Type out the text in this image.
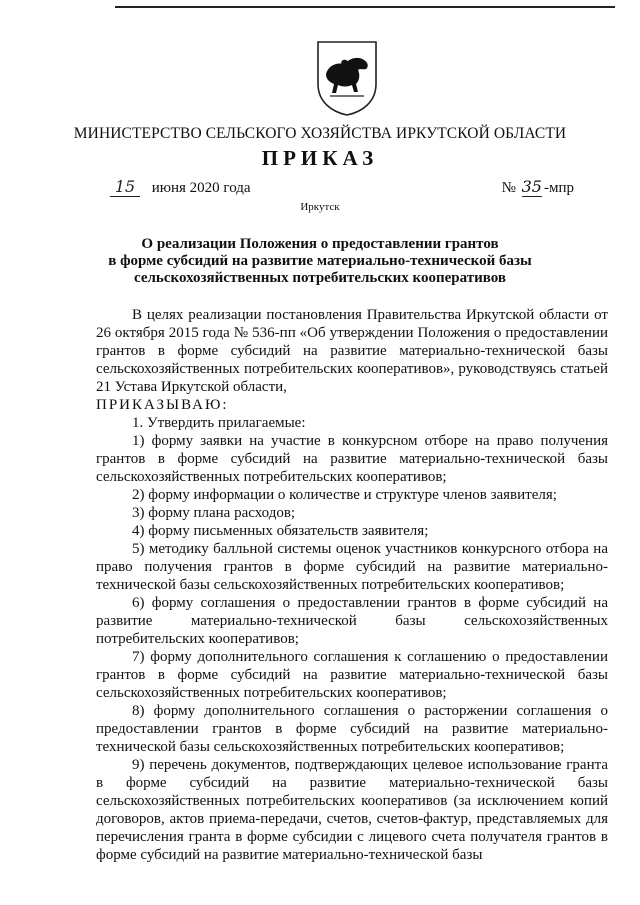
МИНИСТЕРСТВО СЕЛЬСКОГО ХОЗЯЙСТВА ИРКУТСКОЙ ОБЛАСТИ
ПРИКАЗ
15 июня 2020 года	№ 35 -мпр
Иркутск
О реализации Положения о предоставлении грантов
в форме субсидий на развитие материально-технической базы
сельскохозяйственных потребительских кооперативов

В целях реализации постановления Правительства Иркутской области от 26 октября 2015 года № 536-пп «Об утверждении Положения о предоставлении грантов в форме субсидий на развитие материально-технической базы сельскохозяйственных потребительских кооперативов», руководствуясь статьей 21 Устава Иркутской области,

ПРИКАЗЫВАЮ:

1. Утвердить прилагаемые:

1) форму заявки на участие в конкурсном отборе на право получения грантов в форме субсидий на развитие материально-технической базы сельскохозяйственных потребительских кооперативов;

2) форму информации о количестве и структуре членов заявителя;

3) форму плана расходов;

4) форму письменных обязательств заявителя;

5) методику балльной системы оценок участников конкурсного отбора на право получения грантов в форме субсидий на развитие материально-технической базы сельскохозяйственных потребительских кооперативов;

6) форму соглашения о предоставлении грантов в форме субсидий на развитие материально-технической базы сельскохозяйственных потребительских кооперативов;

7) форму дополнительного соглашения к соглашению о предоставлении грантов в форме субсидий на развитие материально-технической базы сельскохозяйственных потребительских кооперативов;

8) форму дополнительного соглашения о расторжении соглашения о предоставлении грантов в форме субсидий на развитие материально-технической базы сельскохозяйственных потребительских кооперативов;

9) перечень документов, подтверждающих целевое использование гранта в форме субсидий на развитие материально-технической базы сельскохозяйственных потребительских кооперативов (за исключением копий договоров, актов приема-передачи, счетов, счетов-фактур, представляемых для перечисления гранта в форме субсидии с лицевого счета получателя грантов в форме субсидий на развитие материально-технической базы
